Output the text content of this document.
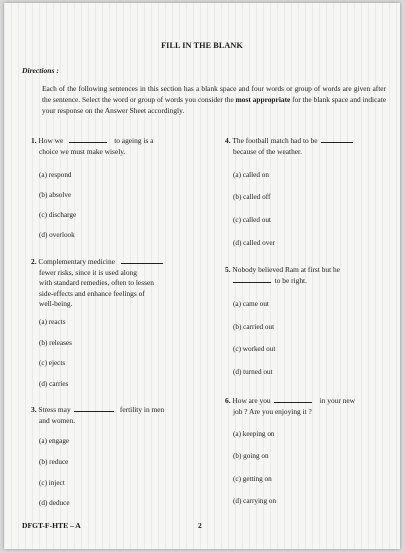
FILL IN THE BLANK
Directions :
Each of the following sentences in this section has a blank space and four words or group of words are given after the sentence. Select the word or group of words you consider the most appropriate for the blank space and indicate your response on the Answer Sheet accordingly.
1. How we	to ageing is a
choice we must make wisely.
(a) respond
(b) absolve
(c) discharge
(d) overlook
2. Complementary medicine
fewer risks, since it is used along
with standard remedies, often to lessen
side-effects and enhance feelings of
well-being.
(a) reacts
(b) releases
(c) ejects
(d) carries
3. Stress may	fertility in men
and women.
(a) engage
(b) reduce
(c) inject
(d) deduce
4. The football match had to be
because of the weather.
(a) called on
(b) called off
(c) called out
(d) called over
5. Nobody believed Ram at first but he
to be right.
(a) came out
(b) carried out
(c) worked out
(d) turned out
6. How are you	in your new
job ? Are you enjoying it ?
(a) keeping on
(b) going on
(c) getting on
(d) carrying on
DFGT-F-HTE – A	2
